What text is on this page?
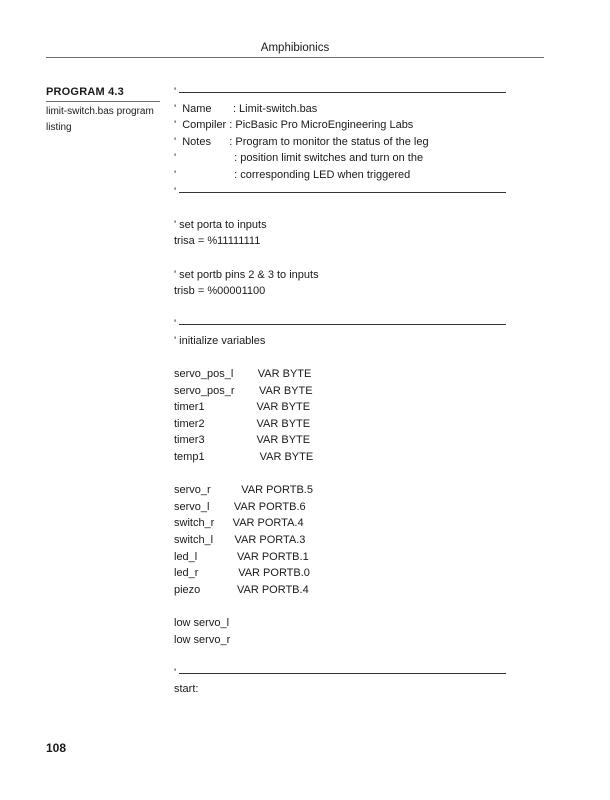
Amphibionics
PROGRAM 4.3
limit-switch.bas program listing
'
'  Name       : Limit-switch.bas
'  Compiler : PicBasic Pro MicroEngineering Labs
'  Notes      : Program to monitor the status of the leg
'                   : position limit switches and turn on the
'                   : corresponding LED when triggered
'
' set porta to inputs
trisa = %11111111
' set portb pins 2 & 3 to inputs
trisb = %00001100
'
' initialize variables
servo_pos_l        VAR BYTE
servo_pos_r        VAR BYTE
timer1                 VAR BYTE
timer2                 VAR BYTE
timer3                 VAR BYTE
temp1                  VAR BYTE
servo_r          VAR PORTB.5
servo_l        VAR PORTB.6
switch_r      VAR PORTA.4
switch_l       VAR PORTA.3
led_l             VAR PORTB.1
led_r             VAR PORTB.0
piezo            VAR PORTB.4
low servo_l
low servo_r
'
start:
108
